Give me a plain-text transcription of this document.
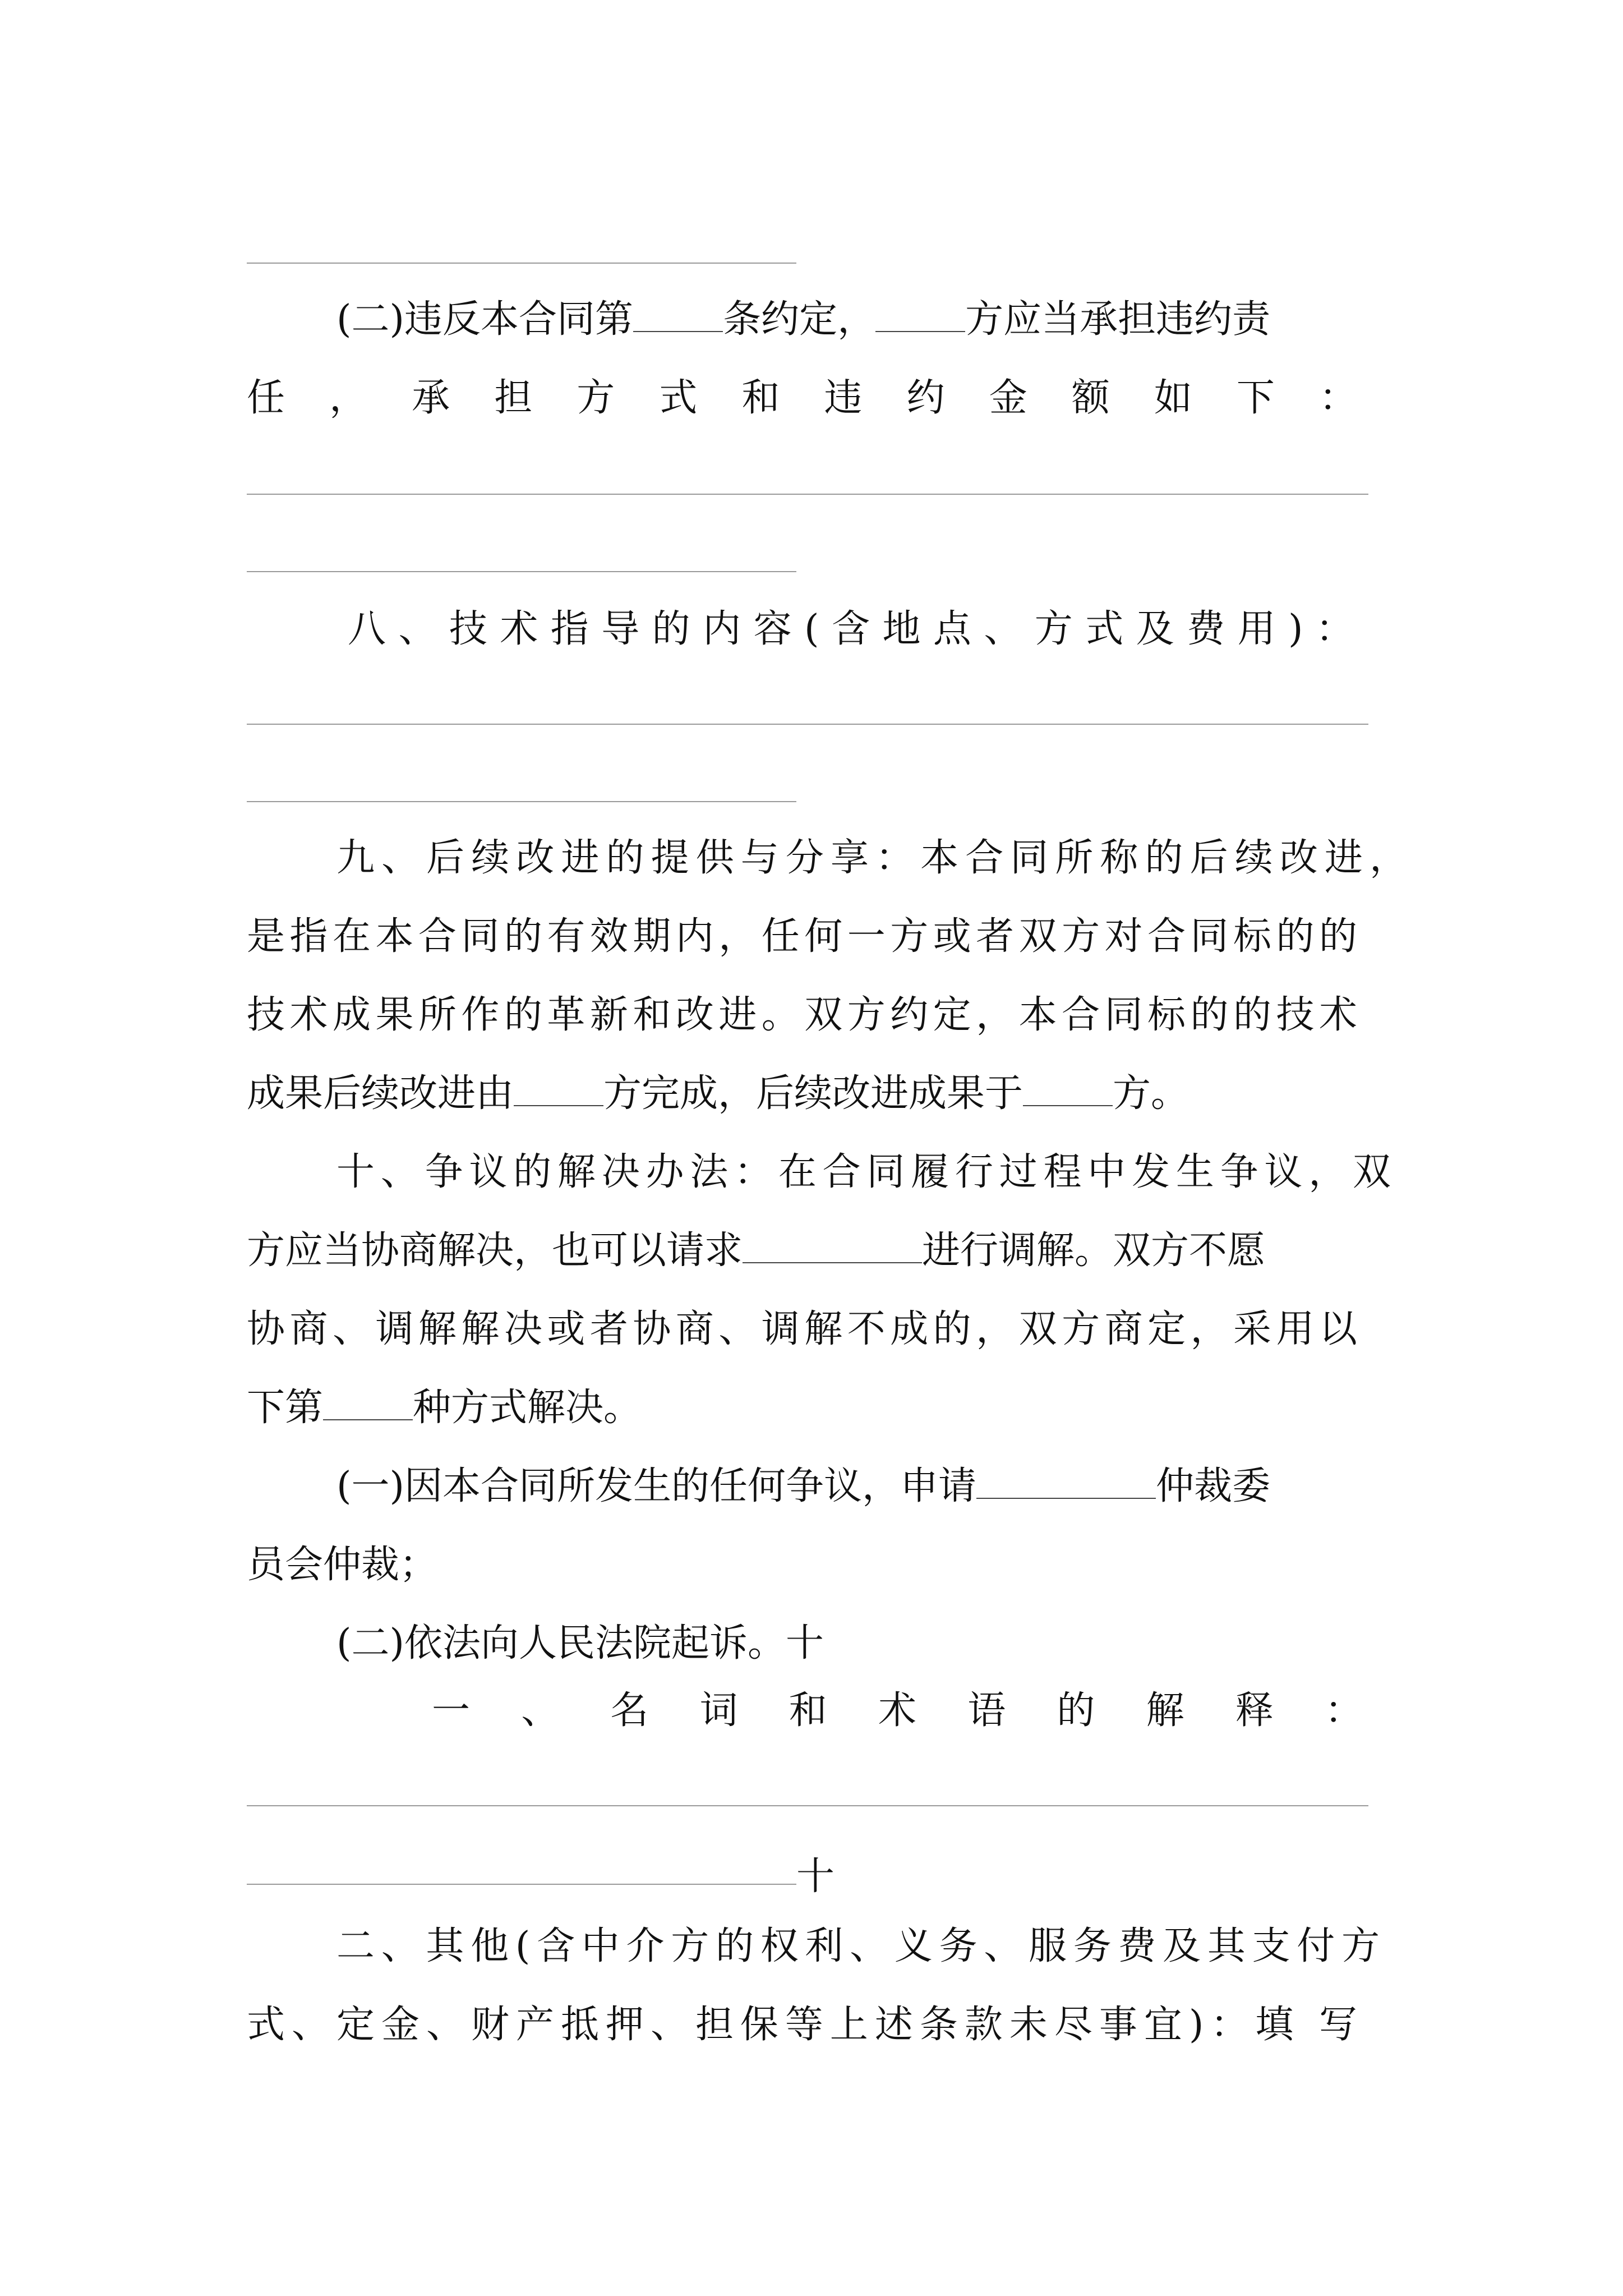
(二)违反本合同第 条约定， 方应当承担违约责
任 ， 承 担 方 式 和 违 约 金 额 如 下 ：
八、技术指导的内容(含地点、方式及费用)：
九、后续改进的提供与分享：本合同所称的后续改进，
是指在本合同的有效期内，任何一方或者双方对合同标的的
技术成果所作的革新和改进。双方约定，本合同标的的技术
成果后续改进由 方完成，后续改进成果于 方。
十、争议的解决办法：在合同履行过程中发生争议，双
方应当协商解决，也可以请求	进行调解。双方不愿
协商、调解解决或者协商、调解不成的，双方商定，采用以
下第 种方式解决。
(一)因本合同所发生的任何争议，申请	仲裁委
员会仲裁；
(二)依法向人民法院起诉。十
一 、 名 词 和 术 语 的 解 释 ：
十
二、其他(含中介方的权利、义务、服务费及其支付方
式、定金、财产抵押、担保等上述条款未尽事宜)：填 写
